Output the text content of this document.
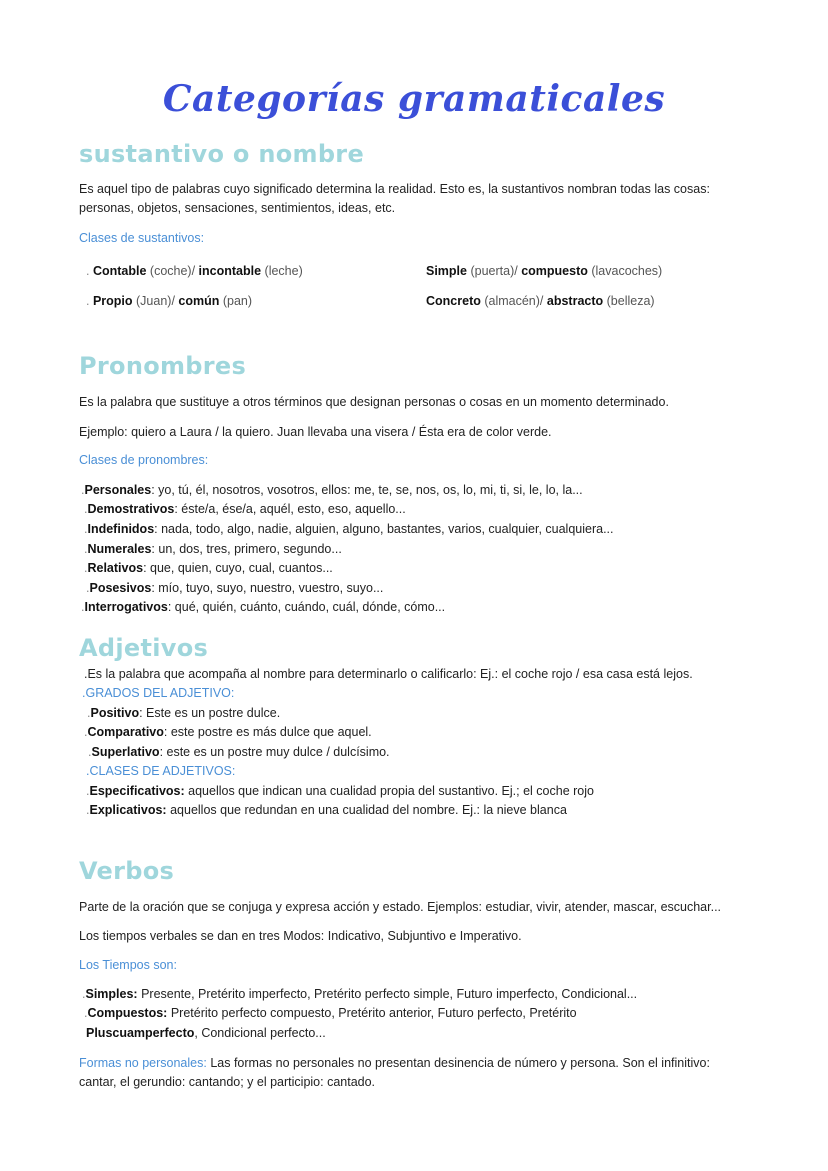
Categorías gramaticales
sustantivo o nombre
Es aquel tipo de palabras cuyo significado determina la realidad. Esto es, la sustantivos nombran todas las cosas: personas, objetos, sensaciones, sentimientos, ideas, etc.
Clases de sustantivos:
. Contable (coche)/ incontable (leche)
. Propio (Juan)/ común (pan)
Simple (puerta)/ compuesto (lavacoches)
Concreto (almacén)/ abstracto (belleza)
Pronombres
Es la palabra que sustituye a otros términos que designan personas o cosas en un momento determinado.
Ejemplo: quiero a Laura / la quiero. Juan llevaba una visera / Ésta era de color verde.
Clases de pronombres:
.Personales: yo, tú, él, nosotros, vosotros, ellos: me, te, se, nos, os, lo, mi, ti, si, le, lo, la...
.Demostrativos: éste/a, ése/a, aquél, esto, eso, aquello...
.Indefinidos: nada, todo, algo, nadie, alguien, alguno, bastantes, varios, cualquier, cualquiera...
.Numerales: un, dos, tres, primero, segundo...
.Relativos: que, quien, cuyo, cual, cuantos...
.Posesivos: mío, tuyo, suyo, nuestro, vuestro, suyo...
.Interrogativos: qué, quién, cuánto, cuándo, cuál, dónde, cómo...
Adjetivos
.Es la palabra que acompaña al nombre para determinarlo o calificarlo: Ej.: el coche rojo / esa casa está lejos.
.GRADOS DEL ADJETIVO:
.Positivo: Este es un postre dulce.
.Comparativo: este postre es más dulce que aquel.
.Superlativo: este es un postre muy dulce / dulcísimo.
.CLASES DE ADJETIVOS:
.Especificativos: aquellos que indican una cualidad propia del sustantivo. Ej.; el coche rojo
.Explicativos: aquellos que redundan en una cualidad del nombre. Ej.: la nieve blanca
Verbos
Parte de la oración que se conjuga y expresa acción y estado. Ejemplos: estudiar, vivir, atender, mascar, escuchar...
Los tiempos verbales se dan en tres Modos: Indicativo, Subjuntivo e Imperativo.
Los Tiempos son:
.Simples: Presente, Pretérito imperfecto, Pretérito perfecto simple, Futuro imperfecto, Condicional...
.Compuestos: Pretérito perfecto compuesto, Pretérito anterior, Futuro perfecto, Pretérito
Pluscuamperfecto, Condicional perfecto...
Formas no personales: Las formas no personales no presentan desinencia de número y persona. Son el infinitivo: cantar, el gerundio: cantando; y el participio: cantado.
